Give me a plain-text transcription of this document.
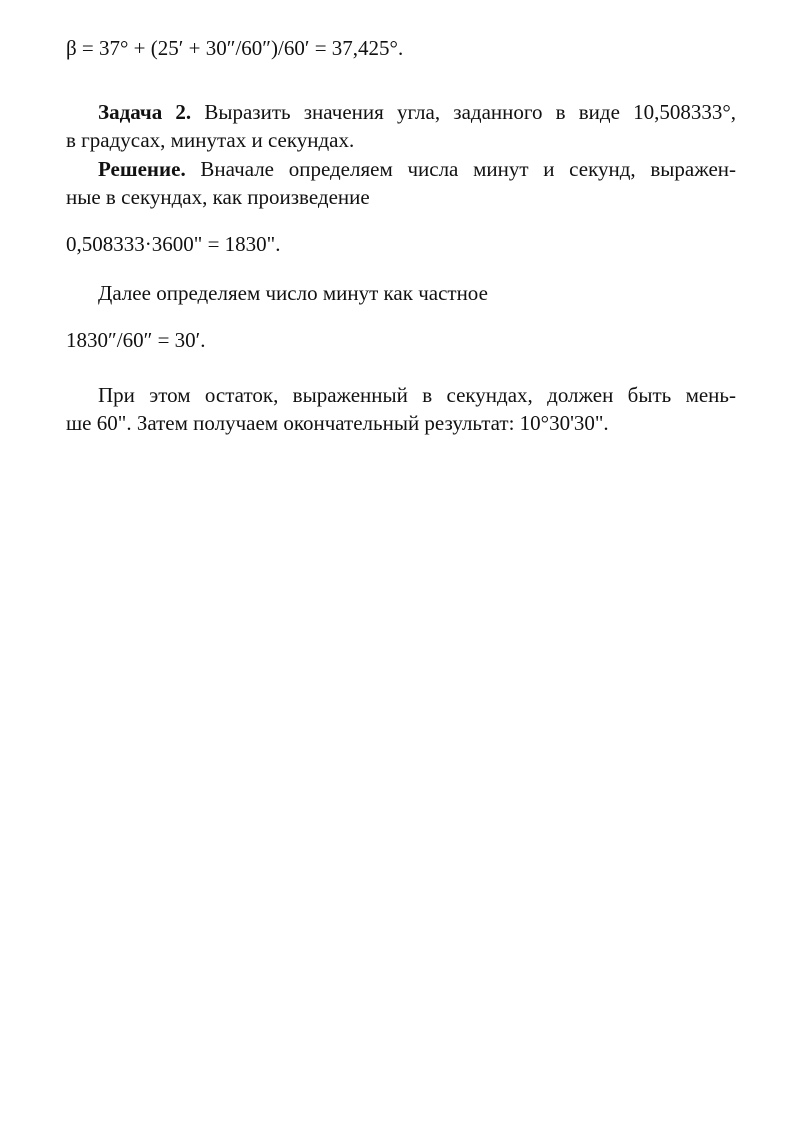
β = 37° + (25′ + 30″/60″)/60′ = 37,425°.
Задача 2. Выразить значения угла, заданного в виде 10,508333°,
в градусах, минутах и секундах.
Решение. Вначале определяем числа минут и секунд, выражен-
ные в секундах, как произведение
0,508333·3600" = 1830".
Далее определяем число минут как частное
1830″/60″ = 30′.
При этом остаток, выраженный в секундах, должен быть мень-
ше 60". Затем получаем окончательный результат: 10°30'30".
